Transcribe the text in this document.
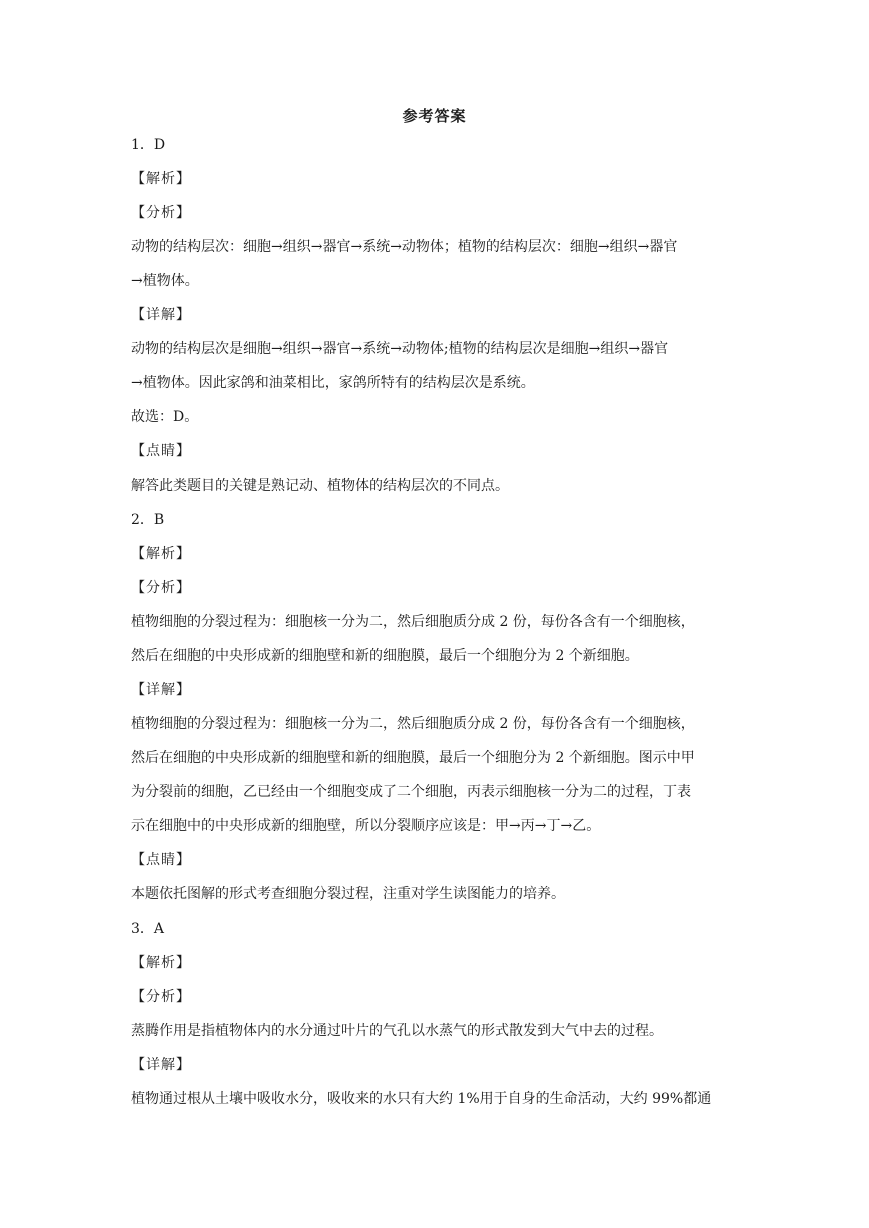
参考答案
1．D
【解析】
【分析】
动物的结构层次：细胞→组织→器官→系统→动物体；植物的结构层次：细胞→组织→器官
→植物体。
【详解】
动物的结构层次是细胞→组织→器官→系统→动物体;植物的结构层次是细胞→组织→器官
→植物体。因此家鸽和油菜相比，家鸽所特有的结构层次是系统。
故选：D。
【点睛】
解答此类题目的关键是熟记动、植物体的结构层次的不同点。
2．B
【解析】
【分析】
植物细胞的分裂过程为：细胞核一分为二，然后细胞质分成 2 份，每份各含有一个细胞核，
然后在细胞的中央形成新的细胞壁和新的细胞膜，最后一个细胞分为 2 个新细胞。
【详解】
植物细胞的分裂过程为：细胞核一分为二，然后细胞质分成 2 份，每份各含有一个细胞核，
然后在细胞的中央形成新的细胞壁和新的细胞膜，最后一个细胞分为 2 个新细胞。图示中甲
为分裂前的细胞，乙已经由一个细胞变成了二个细胞，丙表示细胞核一分为二的过程，丁表
示在细胞中的中央形成新的细胞壁，所以分裂顺序应该是：甲→丙→丁→乙。
【点睛】
本题依托图解的形式考查细胞分裂过程，注重对学生读图能力的培养。
3．A
【解析】
【分析】
蒸腾作用是指植物体内的水分通过叶片的气孔以水蒸气的形式散发到大气中去的过程。
【详解】
植物通过根从土壤中吸收水分，吸收来的水只有大约 1%用于自身的生命活动，大约 99%都通
